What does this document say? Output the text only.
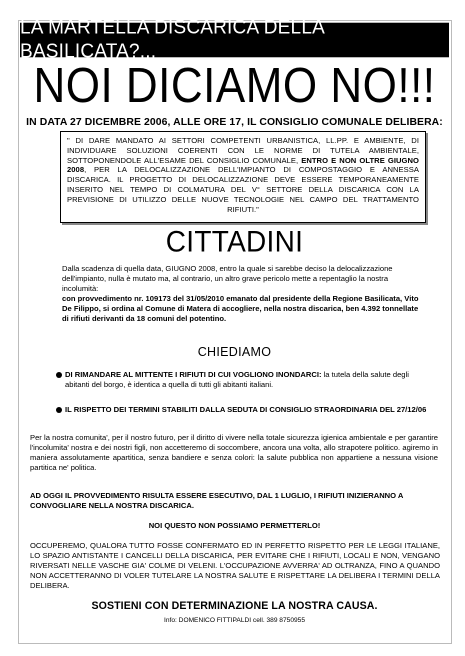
LA MARTELLA DISCARICA DELLA BASILICATA?...
NOI DICIAMO NO!!!
IN DATA 27 DICEMBRE 2006, ALLE ORE 17, IL CONSIGLIO COMUNALE DELIBERA:
" DI DARE MANDATO AI SETTORI COMPETENTI URBANISTICA, LL.PP. E AMBIENTE, DI INDIVIDUARE SOLUZIONI COERENTI CON LE NORME DI TUTELA AMBIENTALE, SOTTOPONENDOLE ALL'ESAME DEL CONSIGLIO COMUNALE, ENTRO E NON OLTRE GIUGNO 2008, PER LA DELOCALIZZAZIONE DELL'IMPIANTO DI COMPOSTAGGIO E ANNESSA DISCARICA. IL PROGETTO DI DELOCALIZZAZIONE DEVE ESSERE TEMPORANEAMENTE INSERITO NEL TEMPO DI COLMATURA DEL V° SETTORE DELLA DISCARICA CON LA PREVISIONE DI UTILIZZO DELLE NUOVE TECNOLOGIE NEL CAMPO DEL TRATTAMENTO RIFIUTI."
CITTADINI
Dalla scadenza di quella data, GIUGNO 2008, entro la quale si sarebbe deciso la delocalizzazione dell'impianto, nulla è mutato ma, al contrario, un altro grave pericolo mette a repentaglio la nostra incolumità:
con provvedimento nr. 109173 del 31/05/2010 emanato dal presidente della Regione Basilicata, Vito De Filippo, si ordina al Comune di Matera di accogliere, nella nostra discarica, ben 4.392 tonnellate di rifiuti derivanti da 18 comuni del potentino.
CHIEDIAMO
DI RIMANDARE AL MITTENTE I RIFIUTI DI CUI VOGLIONO INONDARCI: la tutela della salute degli abitanti del borgo, è identica a quella di tutti gli abitanti italiani.
IL RISPETTO DEI TERMINI STABILITI DALLA SEDUTA DI CONSIGLIO STRAORDINARIA DEL 27/12/06
Per la nostra comunita', per il nostro futuro, per il diritto di vivere nella totale sicurezza igienica ambientale e per garantire l'incolumita' nostra e dei nostri figli, non accetteremo di soccombere, ancora una volta, allo strapotere politico. agiremo in maniera assolutamente apartitica, senza bandiere e senza colori: la salute pubblica non appartiene a nessuna visione partitica ne' politica.
AD OGGI IL PROVVEDIMENTO RISULTA ESSERE ESECUTIVO, DAL 1 LUGLIO, I RIFIUTI INIZIERANNO A CONVOGLIARE NELLA NOSTRA DISCARICA.
NOI QUESTO NON POSSIAMO PERMETTERLO!
OCCUPEREMO, QUALORA TUTTO FOSSE CONFERMATO ED IN PERFETTO RISPETTO PER LE LEGGI ITALIANE, LO SPAZIO ANTISTANTE I CANCELLI DELLA DISCARICA, PER EVITARE CHE I RIFIUTI, LOCALI E NON, VENGANO RIVERSATI NELLE VASCHE GIA' COLME DI VELENI. L'OCCUPAZIONE AVVERRA' AD OLTRANZA, FINO A QUANDO NON ACCETTERANNO DI VOLER TUTELARE LA NOSTRA SALUTE E RISPETTARE LA DELIBERA I TERMINI DELLA DELIBERA.
SOSTIENI CON DETERMINAZIONE LA NOSTRA CAUSA.
Info: DOMENICO FITTIPALDI cell. 389 8750955
